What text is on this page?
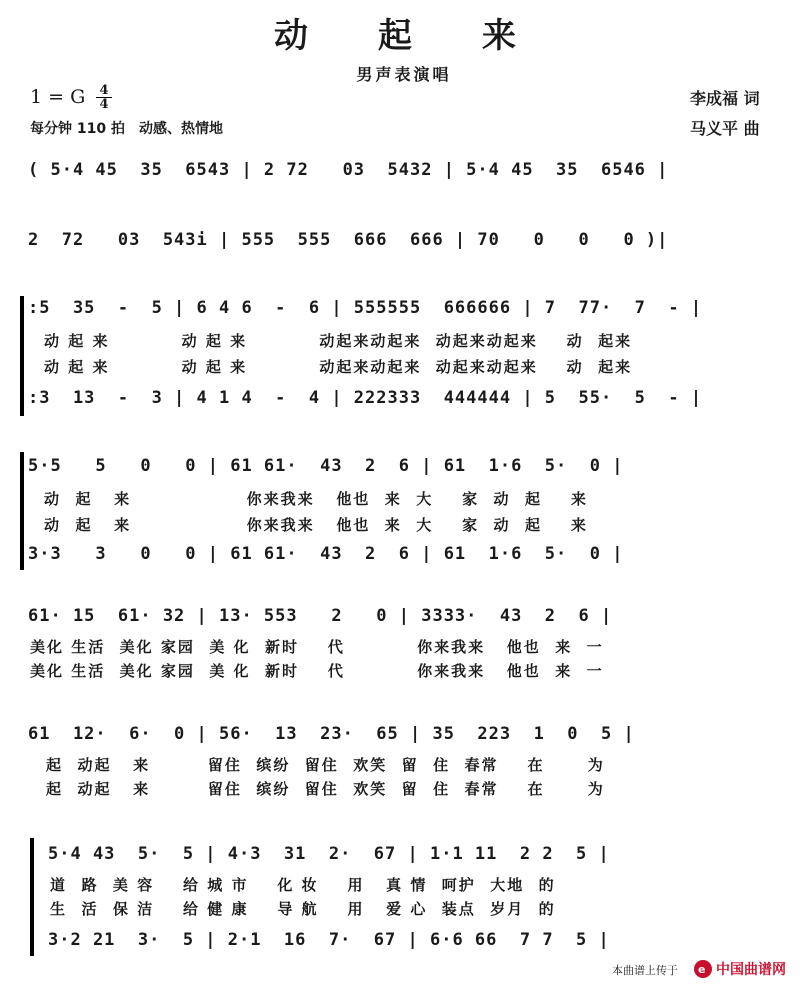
动　起　来
男声表演唱
1 = G 4
4
每分钟 110 拍　动感、热情地
李成福 词
马义平 曲
( 5·4 45  35  6543 | 2 72   03  5432 | 5·4 45  35  6546 |
2  72   03  543i | 555  555  666  666 | 70   0   0   0 )|
:5  35  -  5 | 6 4 6  -  6 | 555555  666666 | 7  77·  7  - |
动 起 来          动 起 来          动起来动起来  动起来动起来    动  起来
动 起 来          动 起 来          动起来动起来  动起来动起来    动  起来
:3  13  -  3 | 4 1 4  -  4 | 222333  444444 | 5  55·  5  - |
5·5   5   0   0 | 61 61·  43  2  6 | 61  1·6  5·  0 |
动  起   来                你来我来   他也  来  大    家  动  起    来
动  起   来                你来我来   他也  来  大    家  动  起    来
3·3   3   0   0 | 61 61·  43  2  6 | 61  1·6  5·  0 |
61· 15  61· 32 | 13· 553   2   0 | 3333·  43  2  6 |
美化 生活  美化 家园  美 化  新时    代          你来我来   他也  来  一
美化 生活  美化 家园  美 化  新时    代          你来我来   他也  来  一
61  12·  6·  0 | 56·  13  23·  65 | 35  223  1  0  5 |
起  动起   来        留住  缤纷  留住  欢笑  留  住  春常    在      为
起  动起   来        留住  缤纷  留住  欢笑  留  住  春常    在      为
5·4 43  5·  5 | 4·3  31  2·  67 | 1·1 11  2 2  5 |
道  路  美 容    给 城 市    化 妆    用   真 情  呵护  大地  的
生  活  保 洁    给 健 康    导 航    用   爱 心  装点  岁月  的
3·2 21  3·  5 | 2·1  16  7·  67 | 6·6 66  7 7  5 |
本曲谱上传于 e 中国曲谱网
